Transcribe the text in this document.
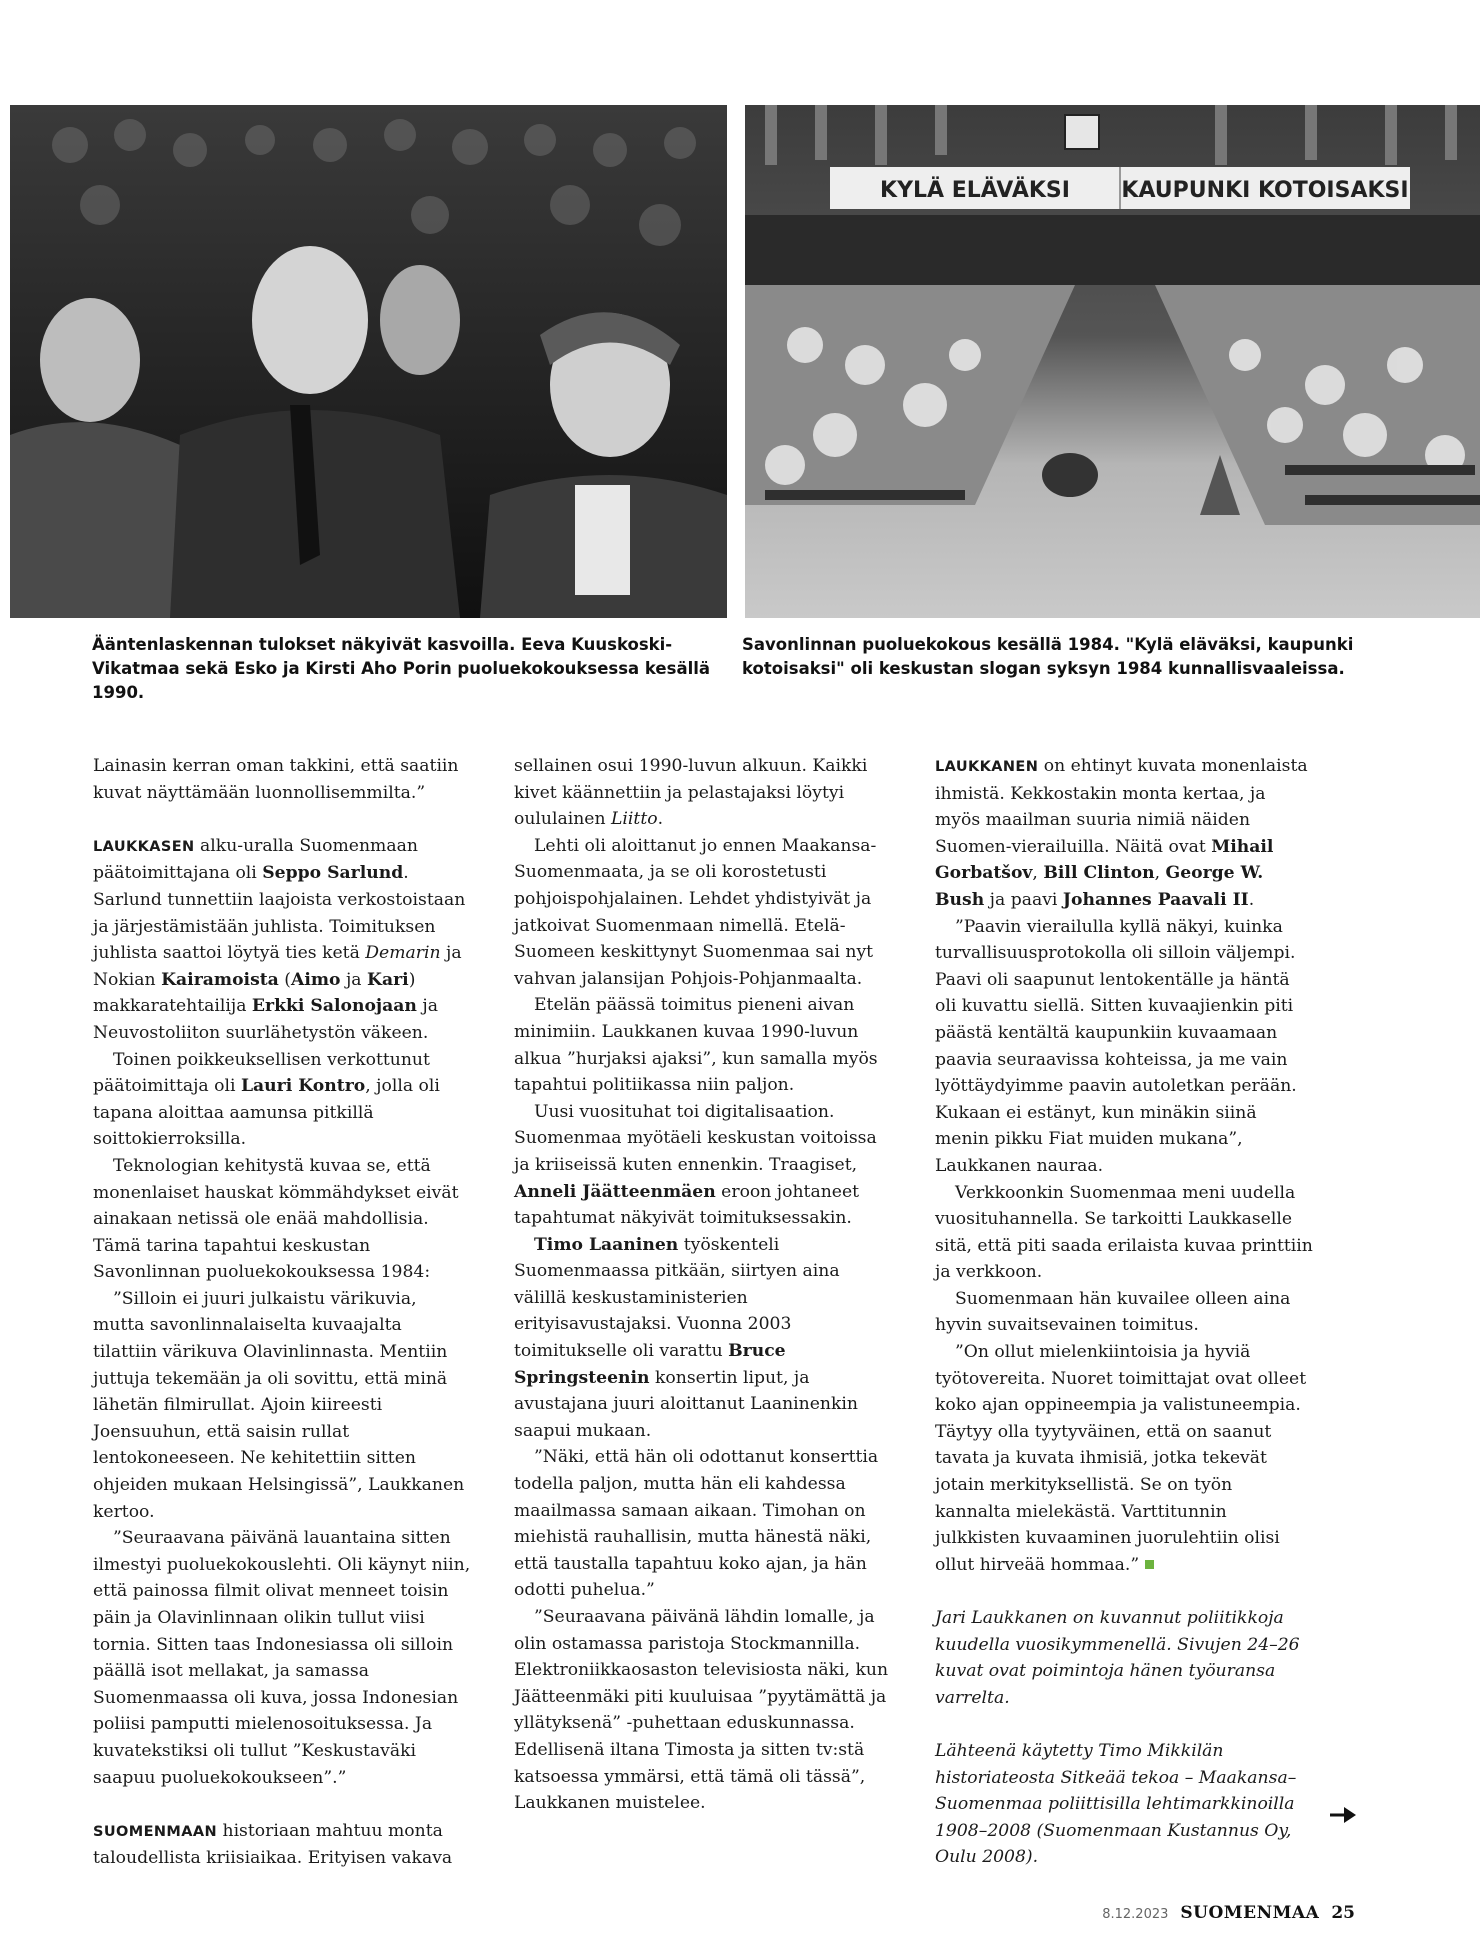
KYLÄ ELÄVÄKSI KAUPUNKI KOTOISAKSI
Ääntenlaskennan tulokset näkyivät kasvoilla. Eeva Kuuskoski-Vikatmaa sekä Esko ja Kirsti Aho Porin puoluekokouksessa kesällä 1990.
Savonlinnan puoluekokous kesällä 1984. "Kylä eläväksi, kaupunki kotoisaksi" oli keskustan slogan syksyn 1984 kunnallisvaaleissa.

Lainasin kerran oman takkini, että saatiin kuvat näyttämään luonnollisemmilta.”

LAUKKASEN alku-uralla Suomenmaan päätoimittajana oli Seppo Sarlund. Sarlund tunnettiin laajoista verkostoistaan ja järjestämistään juhlista. Toimituksen juhlista saattoi löytyä ties ketä Demarin ja Nokian Kairamoista (Aimo ja Kari) makkaratehtailija Erkki Salonojaan ja Neuvostoliiton suurlähetystön väkeen.

Toinen poikkeuksellisen verkottunut päätoimittaja oli Lauri Kontro, jolla oli tapana aloittaa aamunsa pitkillä soittokierroksilla.

Teknologian kehitystä kuvaa se, että monenlaiset hauskat kömmähdykset eivät ainakaan netissä ole enää mahdollisia. Tämä tarina tapahtui keskustan Savonlinnan puoluekokouksessa 1984:

”Silloin ei juuri julkaistu värikuvia, mutta savonlinnalaiselta kuvaajalta tilattiin värikuva Olavinlinnasta. Mentiin juttuja tekemään ja oli sovittu, että minä lähetän filmirullat. Ajoin kiireesti Joensuuhun, että saisin rullat lentokoneeseen. Ne kehitettiin sitten ohjeiden mukaan Helsingissä”, Laukkanen kertoo.

”Seuraavana päivänä lauantaina sitten ilmestyi puoluekokouslehti. Oli käynyt niin, että painossa filmit olivat menneet toisin päin ja Olavinlinnaan olikin tullut viisi tornia. Sitten taas Indonesiassa oli silloin päällä isot mellakat, ja samassa Suomenmaassa oli kuva, jossa Indonesian poliisi pamputti mielenosoituksessa. Ja kuvatekstiksi oli tullut ”Keskustaväki saapuu puoluekokoukseen”.”

SUOMENMAAN historiaan mahtuu monta taloudellista kriisiaikaa. Erityisen vakava

sellainen osui 1990-luvun alkuun. Kaikki kivet käännettiin ja pelastajaksi löytyi oululainen Liitto.

Lehti oli aloittanut jo ennen Maakansa-Suomenmaata, ja se oli korostetusti pohjoispohjalainen. Lehdet yhdistyivät ja jatkoivat Suomenmaan nimellä. Etelä-Suomeen keskittynyt Suomenmaa sai nyt vahvan jalansijan Pohjois-Pohjanmaalta.

Etelän päässä toimitus pieneni aivan minimiin. Laukkanen kuvaa 1990-luvun alkua ”hurjaksi ajaksi”, kun samalla myös tapahtui politiikassa niin paljon.

Uusi vuosituhat toi digitalisaation. Suomenmaa myötäeli keskustan voitoissa ja kriiseissä kuten ennenkin. Traagiset, Anneli Jäätteenmäen eroon johtaneet tapahtumat näkyivät toimituksessakin.

Timo Laaninen työskenteli Suomenmaassa pitkään, siirtyen aina välillä keskustaministerien erityisavustajaksi. Vuonna 2003 toimitukselle oli varattu Bruce Springsteenin konsertin liput, ja avustajana juuri aloittanut Laaninenkin saapui mukaan.

”Näki, että hän oli odottanut konserttia todella paljon, mutta hän eli kahdessa maailmassa samaan aikaan. Timohan on miehistä rauhallisin, mutta hänestä näki, että taustalla tapahtuu koko ajan, ja hän odotti puhelua.”

”Seuraavana päivänä lähdin lomalle, ja olin ostamassa paristoja Stockmannilla. Elektroniikkaosaston televisiosta näki, kun Jäätteenmäki piti kuuluisaa ”pyytämättä ja yllätyksenä” -puhettaan eduskunnassa. Edellisenä iltana Timosta ja sitten tv:stä katsoessa ymmärsi, että tämä oli tässä”, Laukkanen muistelee.

LAUKKANEN on ehtinyt kuvata monenlaista ihmistä. Kekkostakin monta kertaa, ja myös maailman suuria nimiä näiden Suomen-vierailuilla. Näitä ovat Mihail Gorbatšov, Bill Clinton, George W. Bush ja paavi Johannes Paavali II.

”Paavin vierailulla kyllä näkyi, kuinka turvallisuusprotokolla oli silloin väljempi. Paavi oli saapunut lentokentälle ja häntä oli kuvattu siellä. Sitten kuvaajienkin piti päästä kentältä kaupunkiin kuvaamaan paavia seuraavissa kohteissa, ja me vain lyöttäydyimme paavin autoletkan perään. Kukaan ei estänyt, kun minäkin siinä menin pikku Fiat muiden mukana”, Laukkanen nauraa.

Verkkoonkin Suomenmaa meni uudella vuosituhannella. Se tarkoitti Laukkaselle sitä, että piti saada erilaista kuvaa printtiin ja verkkoon.

Suomenmaan hän kuvailee olleen aina hyvin suvaitsevainen toimitus.

”On ollut mielenkiintoisia ja hyviä työtovereita. Nuoret toimittajat ovat olleet koko ajan oppineempia ja valistuneempia. Täytyy olla tyytyväinen, että on saanut tavata ja kuvata ihmisiä, jotka tekevät jotain merkityksellistä. Se on työn kannalta mielekästä. Varttitunnin julkkisten kuvaaminen juorulehtiin olisi ollut hirveää hommaa.”

Jari Laukkanen on kuvannut poliitikkoja kuudella vuosikymmenellä. Sivujen 24–26 kuvat ovat poimintoja hänen työuransa varrelta.

Lähteenä käytetty Timo Mikkilän historiateosta Sitkeää tekoa – Maakansa–Suomenmaa poliittisilla lehtimarkkinoilla 1908–2008 (Suomenmaan Kustannus Oy, Oulu 2008).

8.12.2023 SUOMENMAA 25
